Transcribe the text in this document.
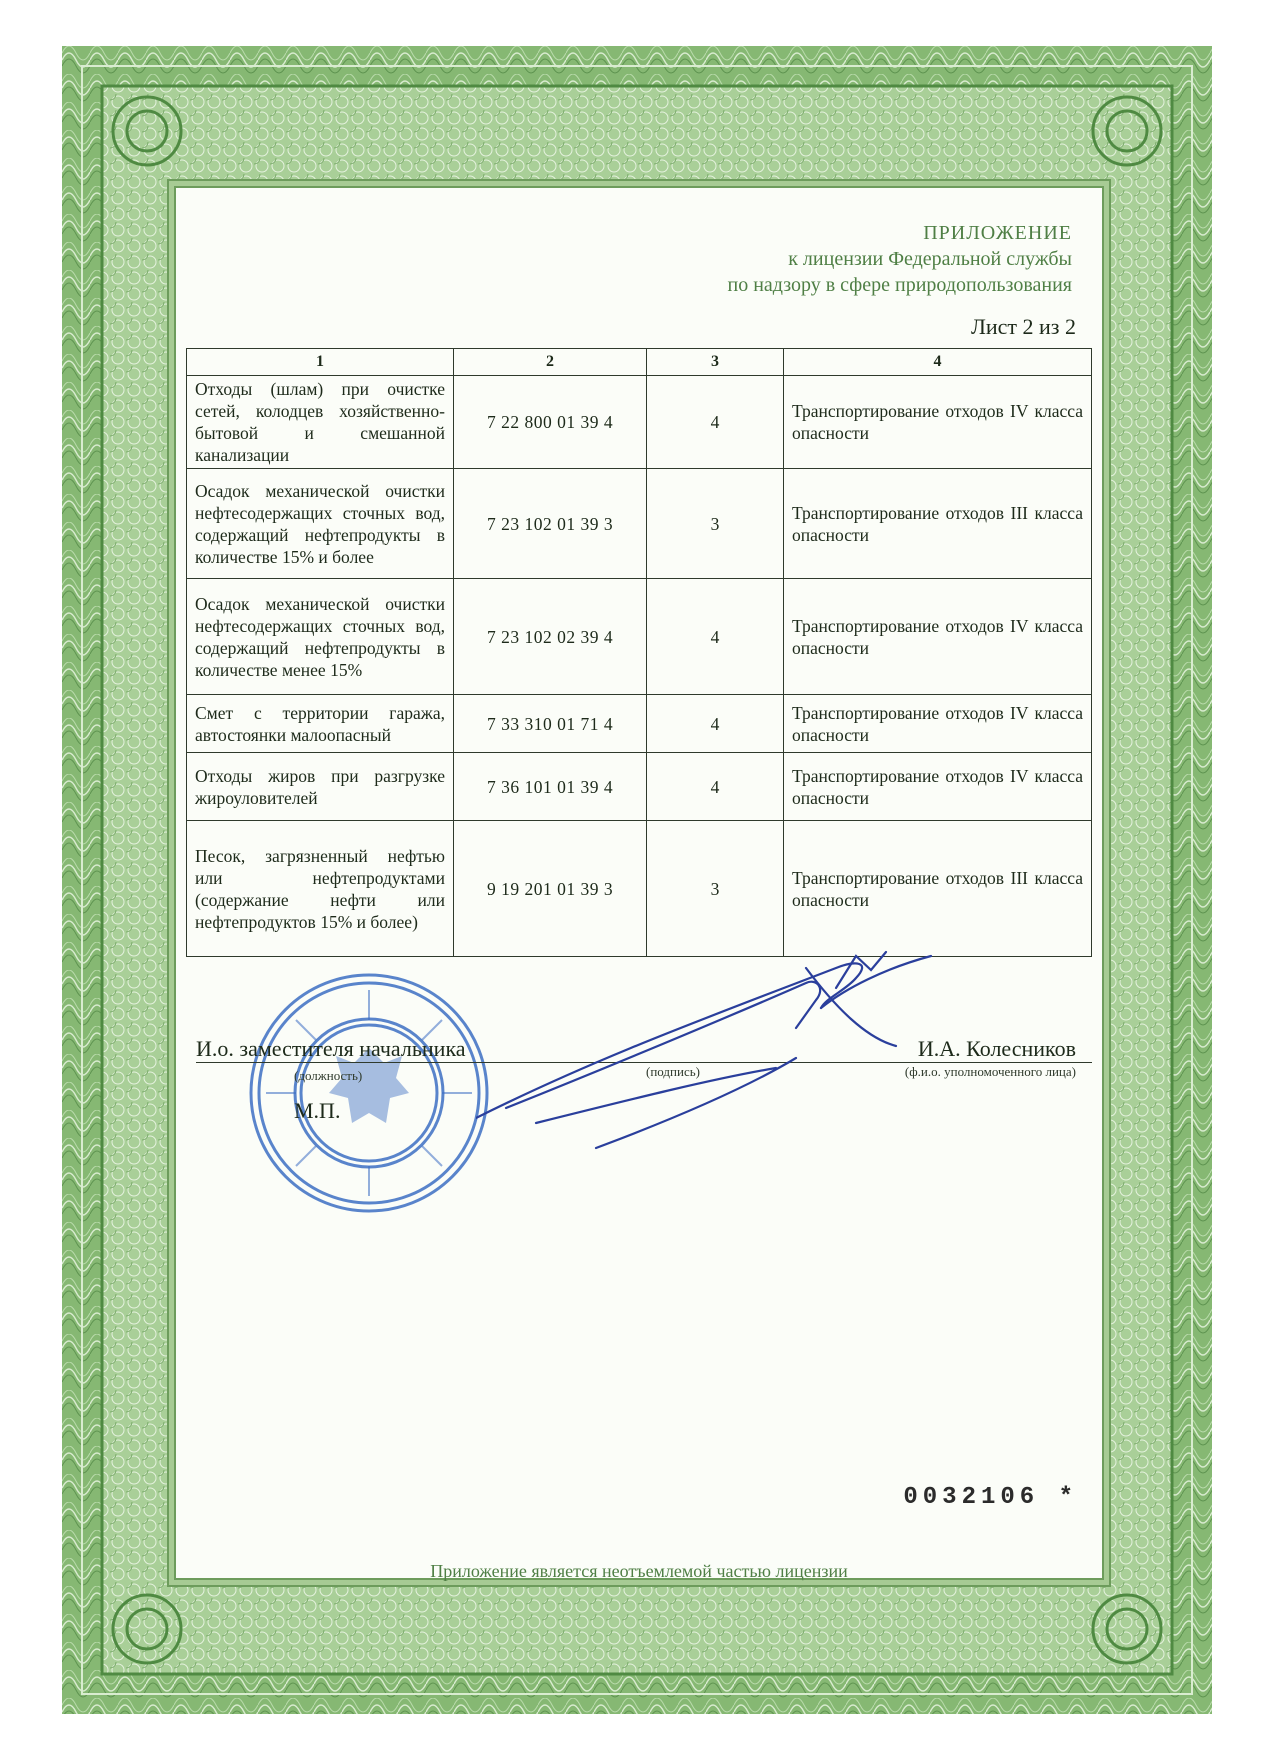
ПРИЛОЖЕНИЕ
к лицензии Федеральной службы
по надзору в сфере природопользования
Лист 2 из 2
1	2	3	4
Отходы (шлам) при очистке сетей, колодцев хозяйственно-бытовой и смешанной канализации	7 22 800 01 39 4	4	Транспортирование отходов IV класса опасности
Осадок механической очистки нефтесодержащих сточных вод, содержащий нефтепродукты в количестве 15% и более	7 23 102 01 39 3	3	Транспортирование отходов III класса опасности
Осадок механической очистки нефтесодержащих сточных вод, содержащий нефтепродукты в количестве менее 15%	7 23 102 02 39 4	4	Транспортирование отходов IV класса опасности
Смет с территории гаража, автостоянки малоопасный	7 33 310 01 71 4	4	Транспортирование отходов IV класса опасности
Отходы жиров при разгрузке жироуловителей	7 36 101 01 39 4	4	Транспортирование отходов IV класса опасности
Песок, загрязненный нефтью или нефтепродуктами (содержание нефти или нефтепродуктов 15% и более)	9 19 201 01 39 3	3	Транспортирование отходов III класса опасности
И.о. заместителя начальника	И.А. Колесников
(должность)	(подпись)	(ф.и.о. уполномоченного лица)
М.П.
0032106 *
Приложение является неотъемлемой частью лицензии
